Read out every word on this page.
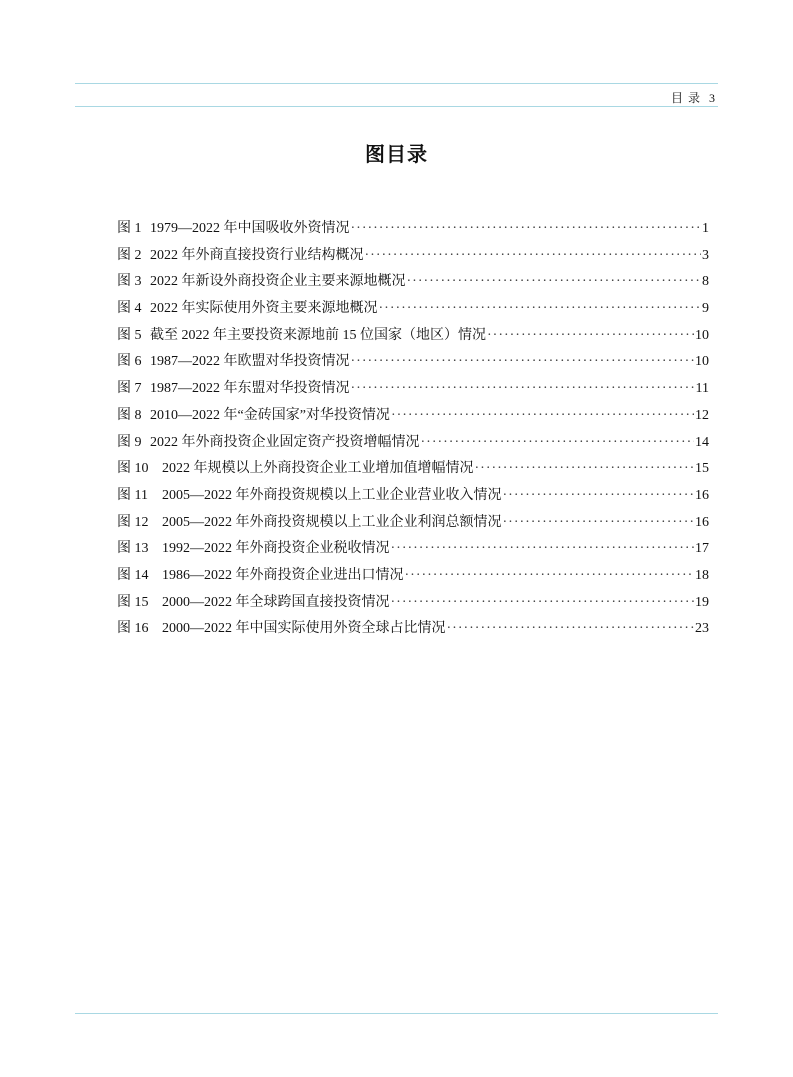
目 录 3
图目录
图 1 1979—2022 年中国吸收外资情况 ·····	1
图 2 2022 年外商直接投资行业结构概况 ·····	3
图 3 2022 年新设外商投资企业主要来源地概况 ·····	8
图 4 2022 年实际使用外资主要来源地概况 ·····	9
图 5 截至 2022 年主要投资来源地前 15 位国家（地区）情况 ·····	10
图 6 1987—2022 年欧盟对华投资情况 ·····	10
图 7 1987—2022 年东盟对华投资情况 ·····	11
图 8 2010—2022 年“金砖国家”对华投资情况 ·····	12
图 9 2022 年外商投资企业固定资产投资增幅情况 ·····	14
图 10 2022 年规模以上外商投资企业工业增加值增幅情况 ·····	15
图 11	2005—2022 年外商投资规模以上工业企业营业收入情况 ·····	16
图 12 2005—2022 年外商投资规模以上工业企业利润总额情况 ·····	16
图 13 1992—2022 年外商投资企业税收情况 ·····	17
图 14 1986—2022 年外商投资企业进出口情况 ·····	18
图 15 2000—2022 年全球跨国直接投资情况 ·····	19
图 16 2000—2022 年中国实际使用外资全球占比情况 ·····	23
